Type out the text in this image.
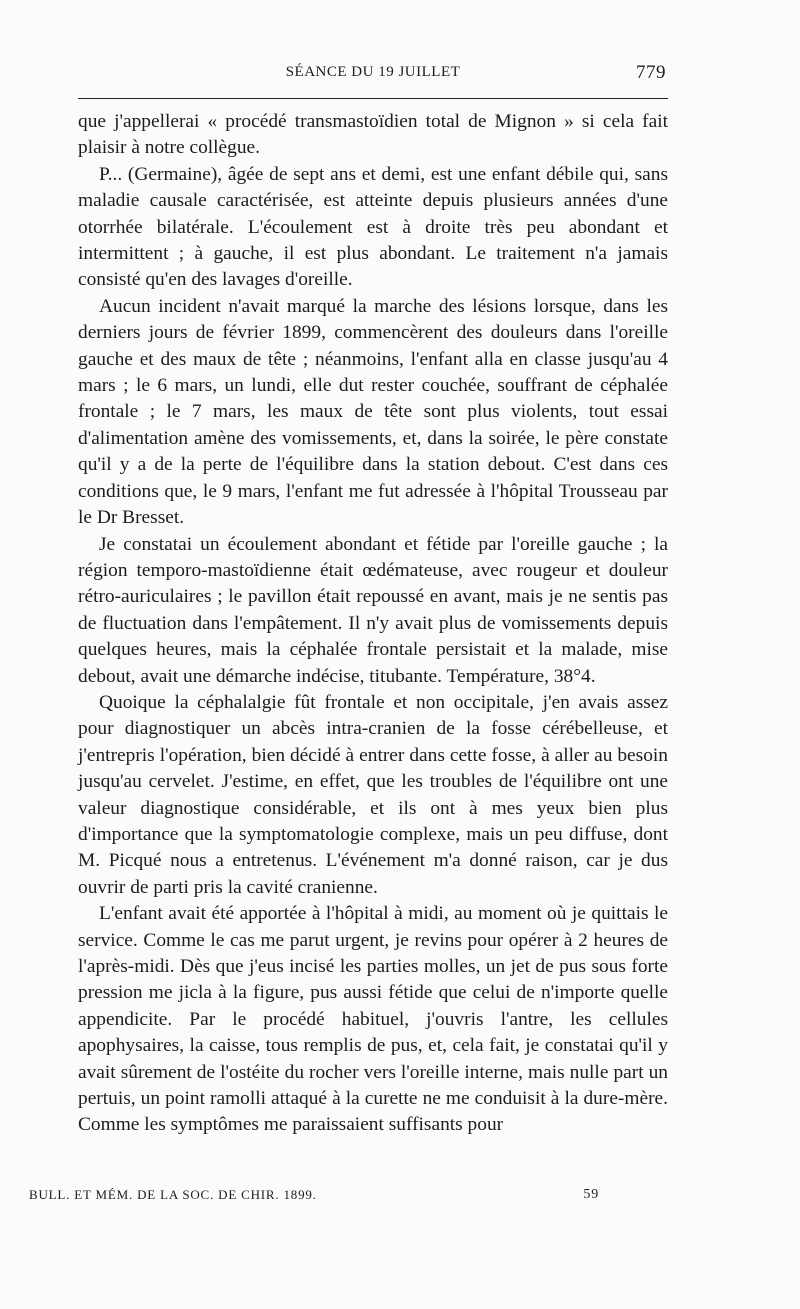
SÉANCE DU 19 JUILLET	779

que j'appellerai « procédé transmastoïdien total de Mignon » si cela fait plaisir à notre collègue.

P... (Germaine), âgée de sept ans et demi, est une enfant débile qui, sans maladie causale caractérisée, est atteinte depuis plusieurs années d'une otorrhée bilatérale. L'écoulement est à droite très peu abondant et intermittent ; à gauche, il est plus abondant. Le traitement n'a jamais consisté qu'en des lavages d'oreille.

Aucun incident n'avait marqué la marche des lésions lorsque, dans les derniers jours de février 1899, commencèrent des douleurs dans l'oreille gauche et des maux de tête ; néanmoins, l'enfant alla en classe jusqu'au 4 mars ; le 6 mars, un lundi, elle dut rester couchée, souffrant de céphalée frontale ; le 7 mars, les maux de tête sont plus violents, tout essai d'alimentation amène des vomissements, et, dans la soirée, le père constate qu'il y a de la perte de l'équilibre dans la station debout. C'est dans ces conditions que, le 9 mars, l'enfant me fut adressée à l'hôpital Trousseau par le Dr Bresset.

Je constatai un écoulement abondant et fétide par l'oreille gauche ; la région temporo-mastoïdienne était œdémateuse, avec rougeur et douleur rétro-auriculaires ; le pavillon était repoussé en avant, mais je ne sentis pas de fluctuation dans l'empâtement. Il n'y avait plus de vomissements depuis quelques heures, mais la céphalée frontale persistait et la malade, mise debout, avait une démarche indécise, titubante. Température, 38°4.

Quoique la céphalalgie fût frontale et non occipitale, j'en avais assez pour diagnostiquer un abcès intra-cranien de la fosse cérébelleuse, et j'entrepris l'opération, bien décidé à entrer dans cette fosse, à aller au besoin jusqu'au cervelet. J'estime, en effet, que les troubles de l'équilibre ont une valeur diagnostique considérable, et ils ont à mes yeux bien plus d'importance que la symptomatologie complexe, mais un peu diffuse, dont M. Picqué nous a entretenus. L'événement m'a donné raison, car je dus ouvrir de parti pris la cavité cranienne.

L'enfant avait été apportée à l'hôpital à midi, au moment où je quittais le service. Comme le cas me parut urgent, je revins pour opérer à 2 heures de l'après-midi. Dès que j'eus incisé les parties molles, un jet de pus sous forte pression me jicla à la figure, pus aussi fétide que celui de n'importe quelle appendicite. Par le procédé habituel, j'ouvris l'antre, les cellules apophysaires, la caisse, tous remplis de pus, et, cela fait, je constatai qu'il y avait sûrement de l'ostéite du rocher vers l'oreille interne, mais nulle part un pertuis, un point ramolli attaqué à la curette ne me conduisit à la dure-mère. Comme les symptômes me paraissaient suffisants pour

BULL. ET MÉM. DE LA SOC. DE CHIR. 1899.	59
